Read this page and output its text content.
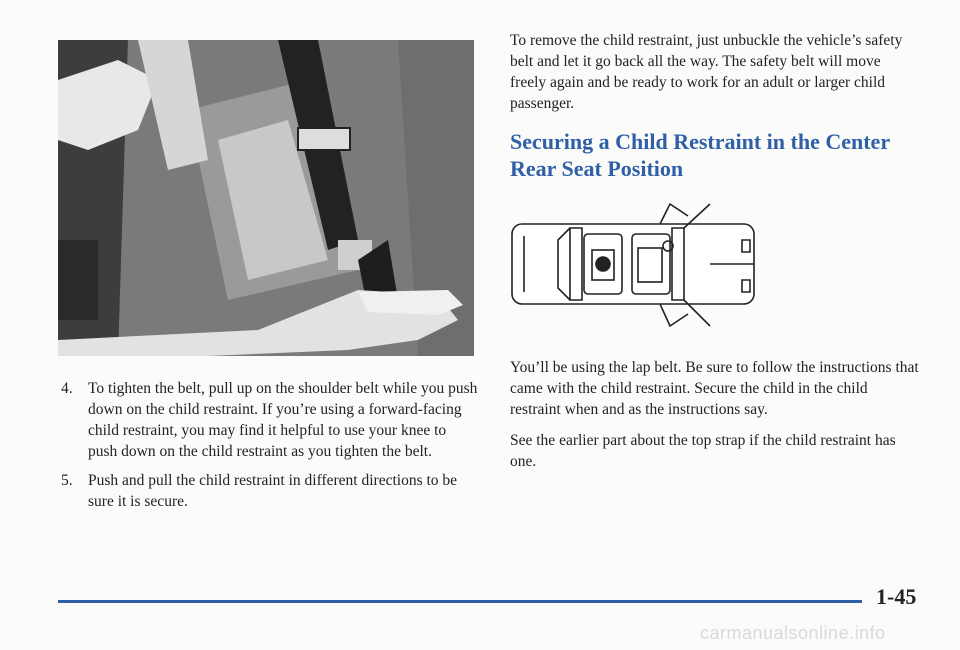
4. To tighten the belt, pull up on the shoulder belt while you push down on the child restraint. If you’re using a forward-facing child restraint, you may find it helpful to use your knee to push down on the child restraint as you tighten the belt.
5. Push and pull the child restraint in different directions to be sure it is secure.

To remove the child restraint, just unbuckle the vehicle’s safety belt and let it go back all the way. The safety belt will move freely again and be ready to work for an adult or larger child passenger.

Securing a Child Restraint in the Center Rear Seat Position

You’ll be using the lap belt. Be sure to follow the instructions that came with the child restraint. Secure the child in the child restraint when and as the instructions say.

See the earlier part about the top strap if the child restraint has one.

1-45
carmanualsonline.info
